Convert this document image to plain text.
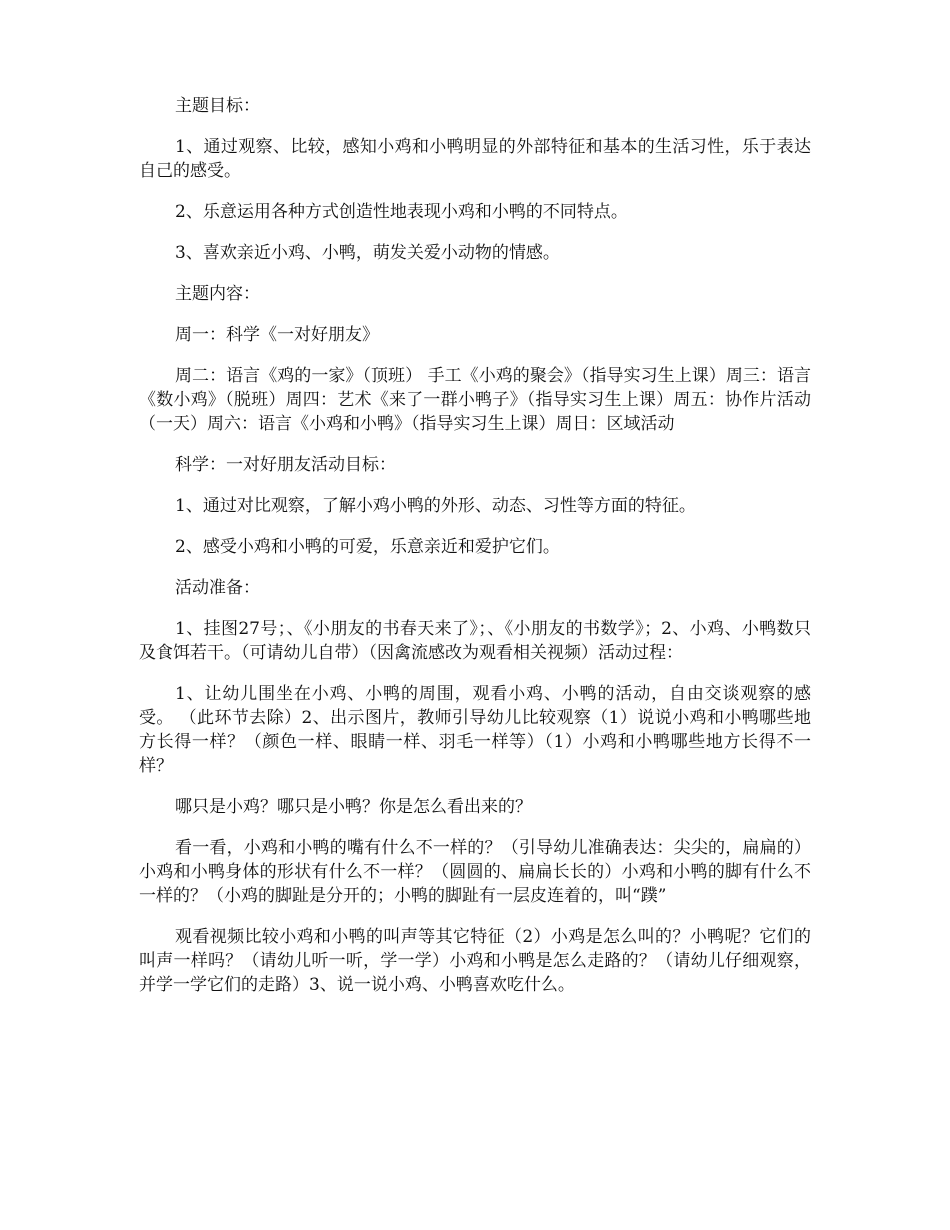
主题目标：

1、通过观察、比较，感知小鸡和小鸭明显的外部特征和基本的生活习性，乐于表达自己的感受。

2、乐意运用各种方式创造性地表现小鸡和小鸭的不同特点。

3、喜欢亲近小鸡、小鸭，萌发关爱小动物的情感。

主题内容：

周一：科学《一对好朋友》

周二：语言《鸡的一家》（顶班） 手工《小鸡的聚会》（指导实习生上课）周三：语言《数小鸡》（脱班）周四：艺术《来了一群小鸭子》（指导实习生上课）周五：协作片活动（一天）周六：语言《小鸡和小鸭》（指导实习生上课）周日：区域活动

科学：一对好朋友活动目标：

1、通过对比观察，了解小鸡小鸭的外形、动态、习性等方面的特征。

2、感受小鸡和小鸭的可爱，乐意亲近和爱护它们。

活动准备：

1、挂图27号；、《小朋友的书春天来了》；、《小朋友的书数学》；2、小鸡、小鸭数只及食饵若干。（可请幼儿自带）（因禽流感改为观看相关视频）活动过程：

1、让幼儿围坐在小鸡、小鸭的周围，观看小鸡、小鸭的活动，自由交谈观察的感受。 （此环节去除）2、出示图片，教师引导幼儿比较观察（1）说说小鸡和小鸭哪些地方长得一样？（颜色一样、眼睛一样、羽毛一样等）（1）小鸡和小鸭哪些地方长得不一样？

哪只是小鸡？哪只是小鸭？你是怎么看出来的？

看一看，小鸡和小鸭的嘴有什么不一样的？（引导幼儿准确表达：尖尖的，扁扁的）小鸡和小鸭身体的形状有什么不一样？（圆圆的、扁扁长长的）小鸡和小鸭的脚有什么不一样的？（小鸡的脚趾是分开的；小鸭的脚趾有一层皮连着的，叫“蹼”

观看视频比较小鸡和小鸭的叫声等其它特征（2）小鸡是怎么叫的？小鸭呢？它们的叫声一样吗？（请幼儿听一听，学一学）小鸡和小鸭是怎么走路的？（请幼儿仔细观察，并学一学它们的走路）3、说一说小鸡、小鸭喜欢吃什么。
